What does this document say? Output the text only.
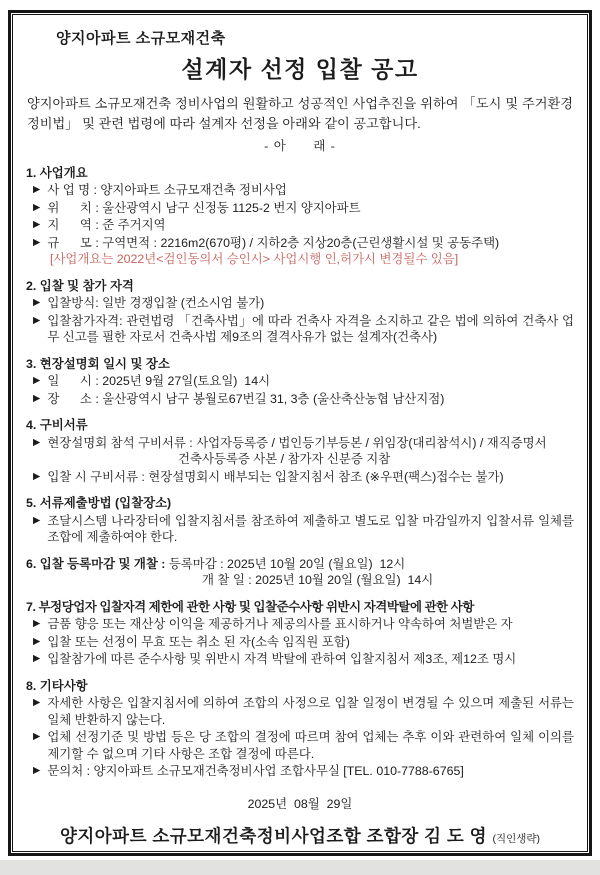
양지아파트 소규모재건축
설계자 선정 입찰 공고

양지아파트 소규모재건축 정비사업의 원활하고 성공적인 사업추진을 위하여 「도시 및 주거환경정비법」 및 관련 법령에 따라 설계자 선정을 아래와 같이 공고합니다.

- 아      래 -
1. 사업개요
▶ 사 업 명 : 양지아파트 소규모재건축 정비사업
▶ 위      치 : 울산광역시 남구 신정동 1125-2 번지 양지아파트
▶ 지      역 : 준 주거지역
▶ 규      모 : 구역면적 : 2216m2(670평) / 지하2층 지상20층(근린생활시설 및 공동주택)
[사업개요는 2022년<검인동의서 승인시> 사업시행 인,허가시 변경될수 있음]
2. 입찰 및 참가 자격
▶ 입찰방식: 일반 경쟁입찰 (컨소시엄 불가)
▶ 입찰참가자격: 관련법령 「건축사법」에 따라 건축사 자격을 소지하고 같은 법에 의하여 건축사 업무 신고를 필한 자로서 건축사법 제9조의 결격사유가 없는 설계자(건축사)
3. 현장설명회 일시 및 장소
▶ 일      시 : 2025년 9월 27일(토요일)  14시
▶ 장      소 : 울산광역시 남구 봉월로67번길 31, 3층 (울산축산농협 남산지점)
4. 구비서류
▶ 현장설명회 참석 구비서류 : 사업자등록증 / 법인등기부등본 / 위임장(대리참석시) / 재직증명서
건축사등록증 사본 / 참가자 신분증 지참
▶ 입찰 시 구비서류 : 현장설명회시 배부되는 입찰지침서 참조 (※우편(팩스)접수는 불가)
5. 서류제출방법 (입찰장소)
▶ 조달시스템 나라장터에 입찰지침서를 참조하여 제출하고 별도로 입찰 마감일까지 입찰서류 일체를 조합에 제출하여야 한다.
6. 입찰 등록마감 및 개찰 : 등록마감 : 2025년 10월 20일 (월요일)  12시
개 찰 일 : 2025년 10월 20일 (월요일)  14시
7. 부정당업자 입찰자격 제한에 관한 사항 및 입찰준수사항 위반시 자격박탈에 관한 사항
▶ 금품 향응 또는 재산상 이익을 제공하거나 제공의사를 표시하거나 약속하여 처벌받은 자
▶ 입찰 또는 선정이 무효 또는 취소 된 자(소속 임직원 포함)
▶ 입찰참가에 따른 준수사항 및 위반시 자격 박탈에 관하여 입찰지침서 제3조, 제12조 명시
8. 기타사항
▶ 자세한 사항은 입찰지침서에 의하여 조합의 사정으로 입찰 일정이 변경될 수 있으며 제출된 서류는 일체 반환하지 않는다.
▶ 업체 선정기준 및 방법 등은 당 조합의 결정에 따르며 참여 업체는 추후 이와 관련하여 일체 이의를 제기할 수 없으며 기타 사항은 조합 결정에 따른다.
▶ 문의처 : 양지아파트 소규모재건축정비사업 조합사무실 [TEL. 010-7788-6765]
2025년  08월  29일
양지아파트 소규모재건축정비사업조합 조합장 김 도 영 (직인생략)
